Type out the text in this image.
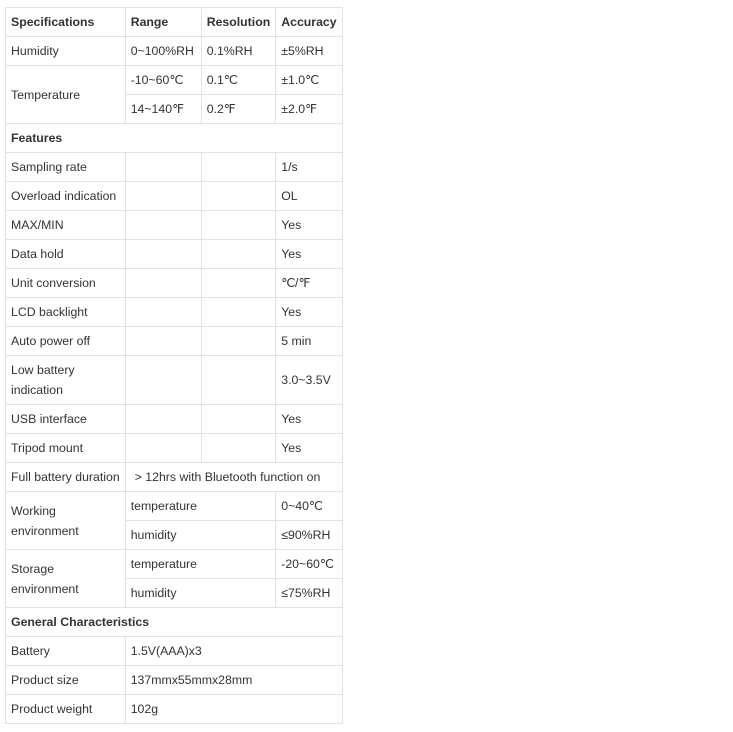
Specifications	Range	Resolution	Accuracy
Humidity	0~100%RH	0.1%RH	±5%RH
Temperature	-10~60℃	0.1℃	±1.0℃
	14~140℉	0.2℉	±2.0℉
Features			
Sampling rate			1/s
Overload indication			OL
MAX/MIN			Yes
Data hold			Yes
Unit conversion			℃/℉
LCD backlight			Yes
Auto power off			5 min
Low battery indication			3.0~3.5V
USB interface			Yes
Tripod mount			Yes
Full battery duration	> 12hrs with Bluetooth function on		
Working environment	temperature		0~40℃
	humidity		≤90%RH
Storage environment	temperature		-20~60℃
	humidity		≤75%RH
General Characteristics			
Battery	1.5V(AAA)x3		
Product size	137mmx55mmx28mm		
Product weight	102g		
